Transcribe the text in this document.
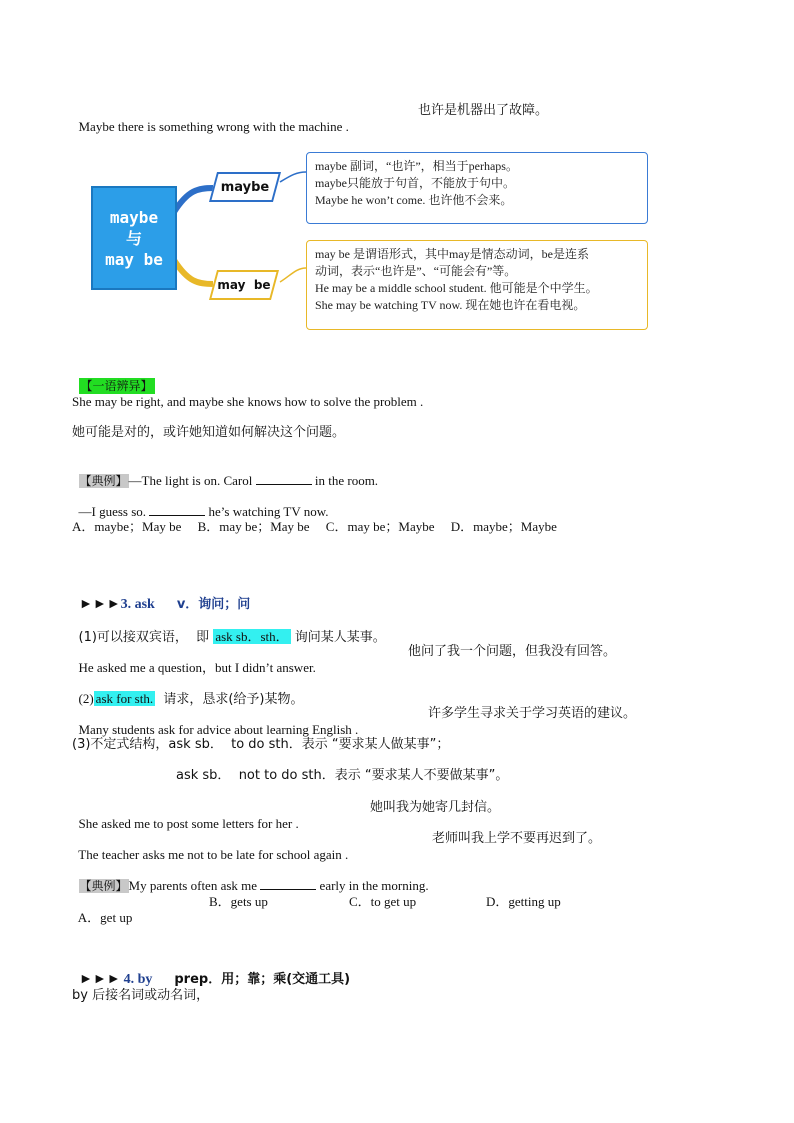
Maybe there is something wrong with the machine .

也许是机器出了故障。

maybe
与
may be
maybe
may  be
maybe 副词，“也许”，相当于perhaps。
maybe只能放于句首，不能放于句中。
Maybe he won’t come. 也许他不会来。
may be 是谓语形式，其中may是情态动词，be是连系
动词，表示“也许是”、“可能会有”等。
He may be a middle school student. 他可能是个中学生。
She may be watching TV now. 现在她也许在看电视。

【一语辨异】

She may be right, and maybe she knows how to solve the problem .
她可能是对的，或许她知道如何解决这个问题。

【典例】—The light is on. Carol	in the room.

—I guess so.	he’s watching TV now.

A．maybe；May be     B．may be；May be     C．may be；Maybe     D．maybe；Maybe

►►►3. ask v．询问；问

(1)可以接双宾语，  即 ask sb．sth． 询问某人某事。

He asked me a question，but I didn’t answer.

他问了我一个问题，但我没有回答。

(2) ask for sth.  请求，恳求(给予)某物。

Many students ask for advice about learning English .

许多学生寻求关于学习英语的建议。

(3)不定式结构，ask sb．  to do sth．表示 “要求某人做某事”；
ask sb．  not to do sth．表示 “要求某人不要做某事”。

She asked me to post some letters for her .

她叫我为她寄几封信。

The teacher asks me not to be late for school again .

老师叫我上学不要再迟到了。

【典例】My parents often ask me	early in the morning.

A．get up

B．gets up

	C．to get up

	D．getting up

►►► 4. by prep．用；靠；乘(交通工具)

by 后接名词或动名词，
